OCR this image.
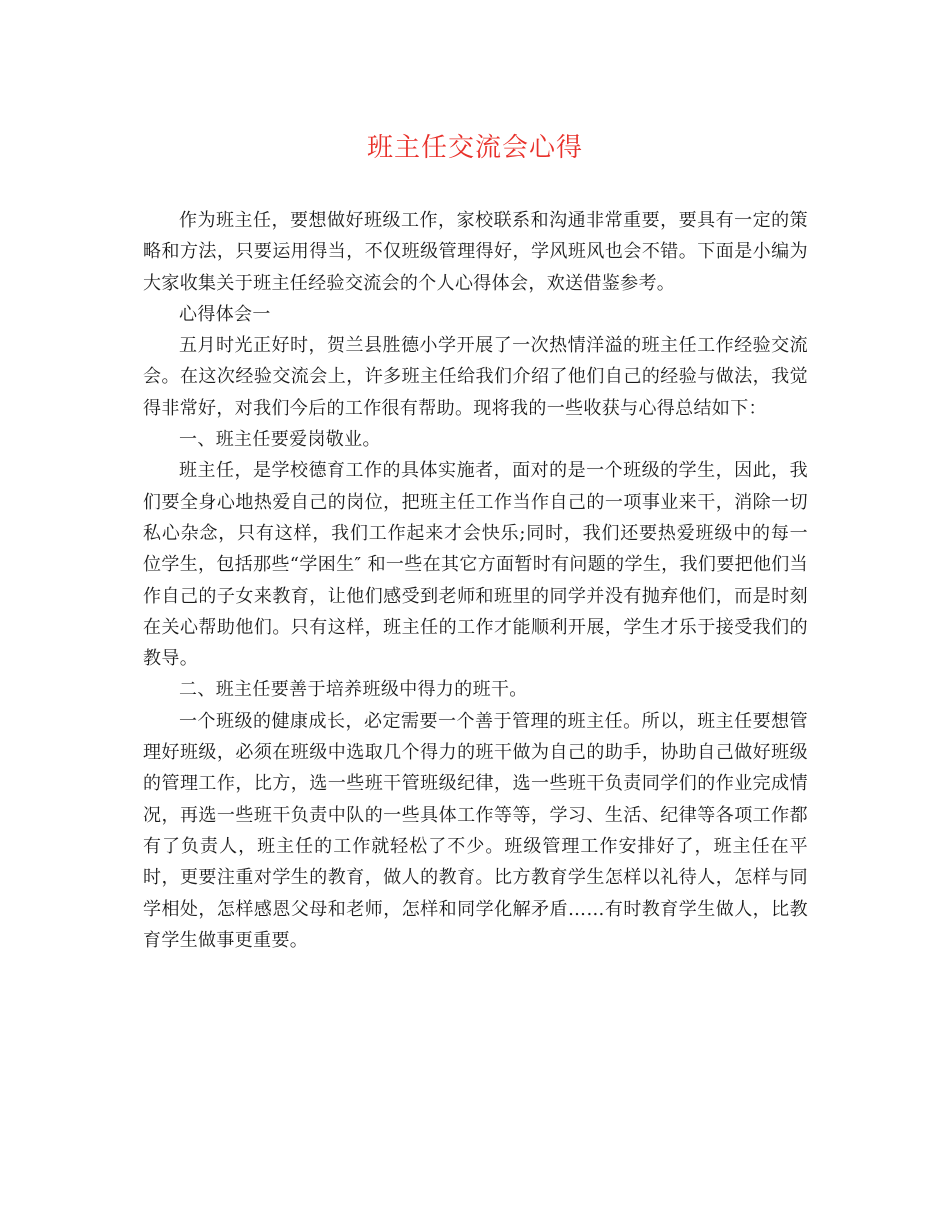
班主任交流会心得

作为班主任，要想做好班级工作，家校联系和沟通非常重要，要具有一定的策略和方法，只要运用得当，不仅班级管理得好，学风班风也会不错。下面是小编为大家收集关于班主任经验交流会的个人心得体会，欢送借鉴参考。

心得体会一

五月时光正好时，贺兰县胜德小学开展了一次热情洋溢的班主任工作经验交流会。在这次经验交流会上，许多班主任给我们介绍了他们自己的经验与做法，我觉得非常好，对我们今后的工作很有帮助。现将我的一些收获与心得总结如下：

一、班主任要爱岗敬业。

班主任，是学校德育工作的具体实施者，面对的是一个班级的学生，因此，我们要全身心地热爱自己的岗位，把班主任工作当作自己的一项事业来干，消除一切私心杂念，只有这样，我们工作起来才会快乐;同时，我们还要热爱班级中的每一位学生，包括那些“学困生″ 和一些在其它方面暂时有问题的学生，我们要把他们当作自己的子女来教育，让他们感受到老师和班里的同学并没有抛弃他们，而是时刻在关心帮助他们。只有这样，班主任的工作才能顺利开展，学生才乐于接受我们的教导。

二、班主任要善于培养班级中得力的班干。

一个班级的健康成长，必定需要一个善于管理的班主任。所以，班主任要想管理好班级，必须在班级中选取几个得力的班干做为自己的助手，协助自己做好班级的管理工作，比方，选一些班干管班级纪律，选一些班干负责同学们的作业完成情况，再选一些班干负责中队的一些具体工作等等，学习、生活、纪律等各项工作都有了负责人，班主任的工作就轻松了不少。班级管理工作安排好了，班主任在平时，更要注重对学生的教育，做人的教育。比方教育学生怎样以礼待人，怎样与同学相处，怎样感恩父母和老师，怎样和同学化解矛盾……有时教育学生做人，比教育学生做事更重要。
